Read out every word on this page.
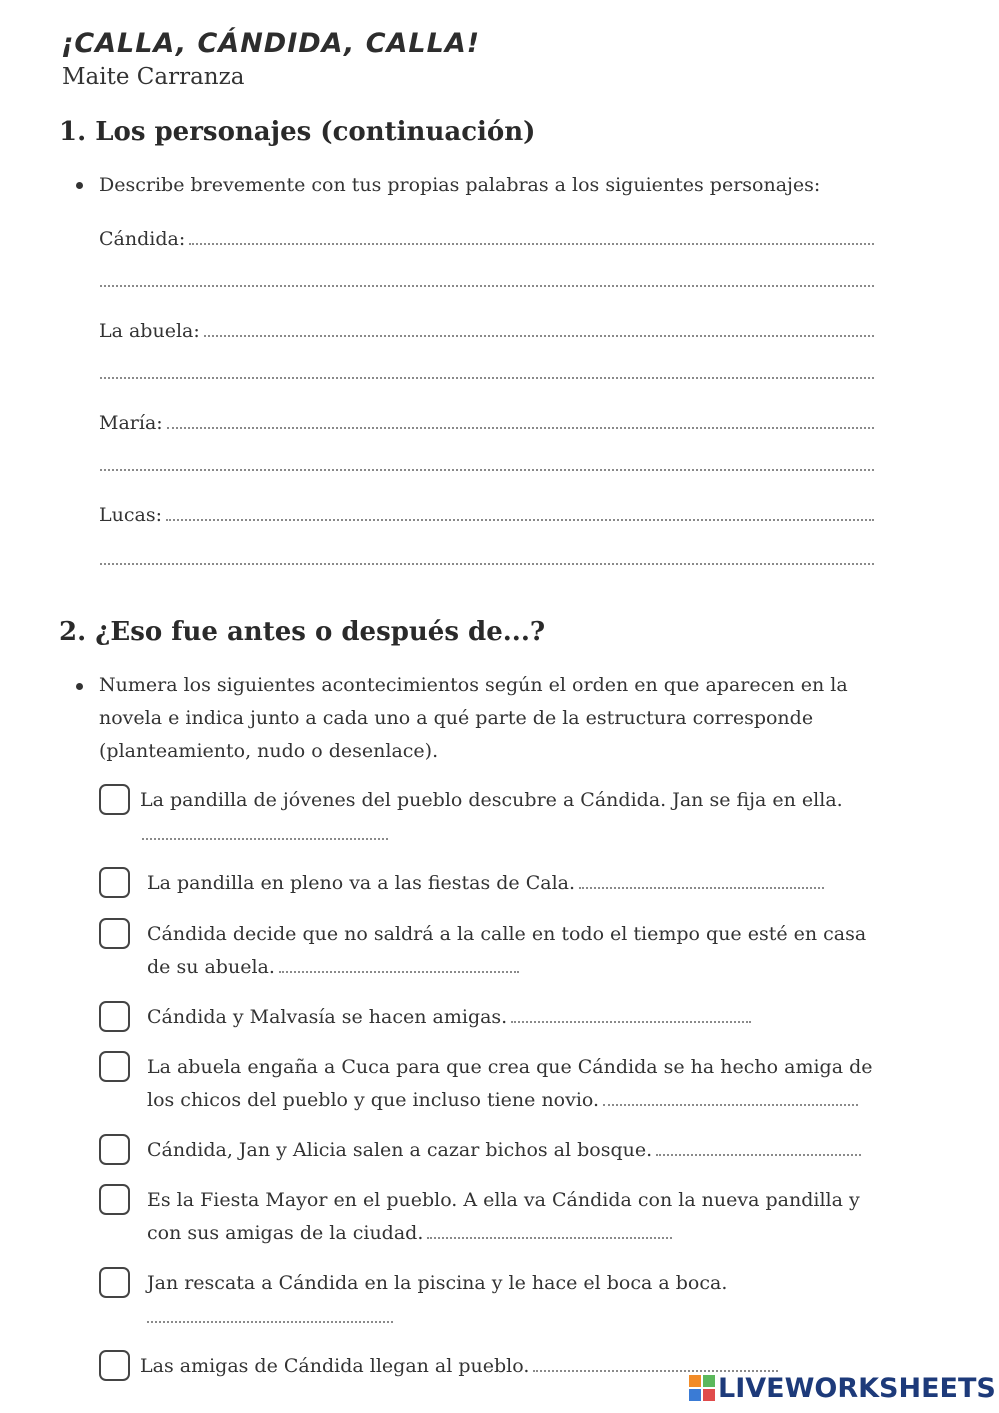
¡CALLA, CÁNDIDA, CALLA!
Maite Carranza
1. Los personajes (continuación)
Describe brevemente con tus propias palabras a los siguientes personajes:
Cándida:
La abuela:
María:
Lucas:
2. ¿Eso fue antes o después de...?
Numera los siguientes acontecimientos según el orden en que aparecen en la novela e indica junto a cada uno a qué parte de la estructura corresponde (planteamiento, nudo o desenlace).
La pandilla de jóvenes del pueblo descubre a Cándida. Jan se fija en ella.
La pandilla en pleno va a las fiestas de Cala.
Cándida decide que no saldrá a la calle en todo el tiempo que esté en casa de su abuela.
Cándida y Malvasía se hacen amigas.
La abuela engaña a Cuca para que crea que Cándida se ha hecho amiga de los chicos del pueblo y que incluso tiene novio.
Cándida, Jan y Alicia salen a cazar bichos al bosque.
Es la Fiesta Mayor en el pueblo. A ella va Cándida con la nueva pandilla y con sus amigas de la ciudad.
Jan rescata a Cándida en la piscina y le hace el boca a boca.
Las amigas de Cándida llegan al pueblo.
LIVEWORKSHEETS
